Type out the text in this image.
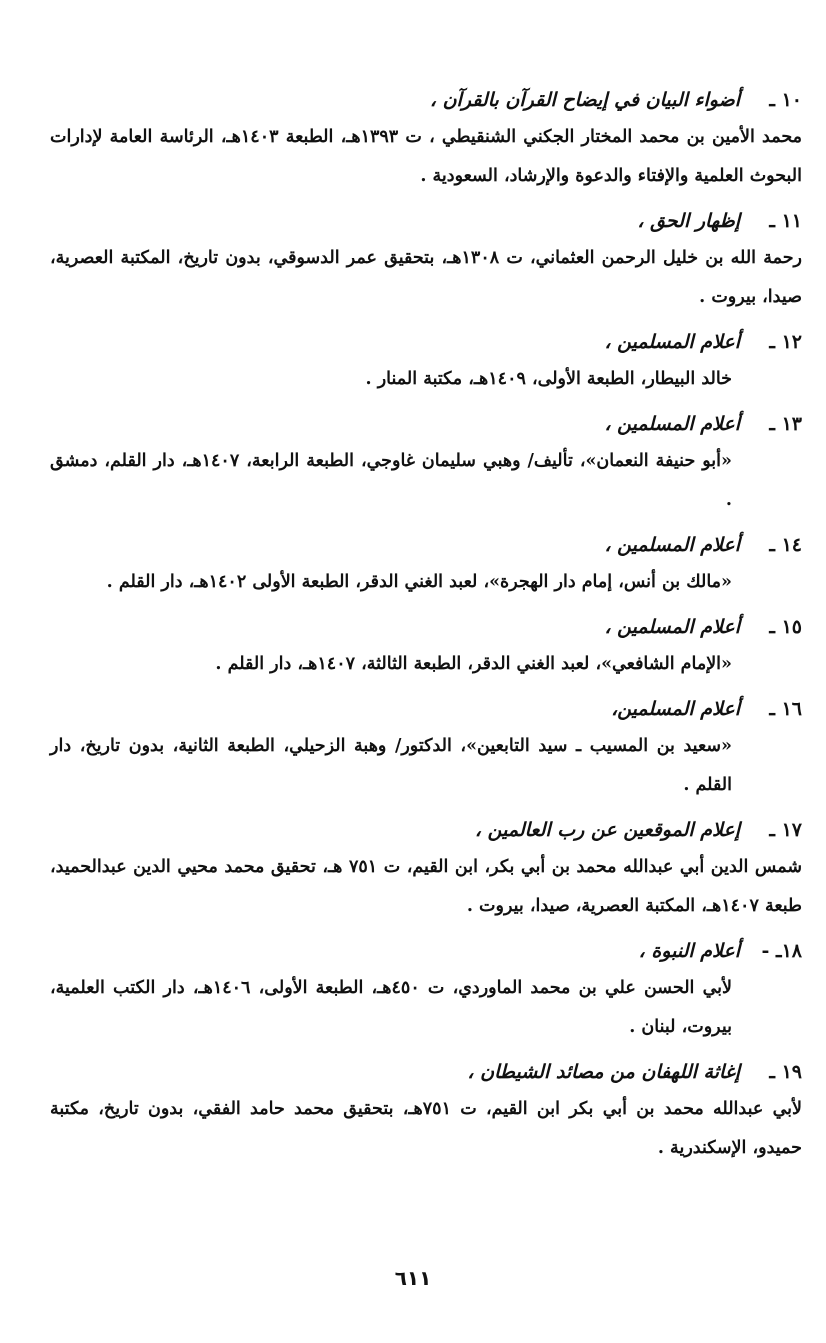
١٠ ـ
أضواء البيان في إيضاح القرآن بالقرآن ،
محمد الأمين بن محمد المختار الجكني الشنقيطي ، ت ١٣٩٣هـ، الطبعة ١٤٠٣هـ، الرئاسة العامة لإدارات البحوث العلمية والإفتاء والدعوة والإرشاد، السعودية .
١١ ـ
إظهار الحق ،
رحمة الله بن خليل الرحمن العثماني، ت ١٣٠٨هـ، بتحقيق عمر الدسوقي، بدون تاريخ، المكتبة العصرية، صيدا، بيروت .
١٢ ـ
أعلام المسلمين ،
خالد البيطار، الطبعة الأولى، ١٤٠٩هـ، مكتبة المنار .
١٣ ـ
أعلام المسلمين ،
«أبو حنيفة النعمان»، تأليف/ وهبي سليمان غاوجي، الطبعة الرابعة، ١٤٠٧هـ، دار القلم، دمشق .
١٤ ـ
أعلام المسلمين ،
«مالك بن أنس، إمام دار الهجرة»، لعبد الغني الدقر، الطبعة الأولى ١٤٠٢هـ، دار القلم .
١٥ ـ
أعلام المسلمين ،
«الإمام الشافعي»، لعبد الغني الدقر، الطبعة الثالثة، ١٤٠٧هـ، دار القلم .
١٦ ـ
أعلام المسلمين،
«سعيد بن المسيب ـ سيد التابعين»، الدكتور/ وهبة الزحيلي، الطبعة الثانية، بدون تاريخ، دار القلم .
١٧ ـ
إعلام الموقعين عن رب العالمين ،
شمس الدين أبي عبدالله محمد بن أبي بكر، ابن القيم، ت ٧٥١ هـ، تحقيق محمد محيي الدين عبدالحميد، طبعة ١٤٠٧هـ، المكتبة العصرية، صيدا، بيروت .
١٨ـ -
أعلام النبوة ،
لأبي الحسن علي بن محمد الماوردي، ت ٤٥٠هـ، الطبعة الأولى، ١٤٠٦هـ، دار الكتب العلمية، بيروت، لبنان .
١٩ ـ
إغاثة اللهفان من مصائد الشيطان ،
لأبي عبدالله محمد بن أبي بكر ابن القيم، ت ٧٥١هـ، بتحقيق محمد حامد الفقي، بدون تاريخ، مكتبة حميدو، الإسكندرية .
٦١١
